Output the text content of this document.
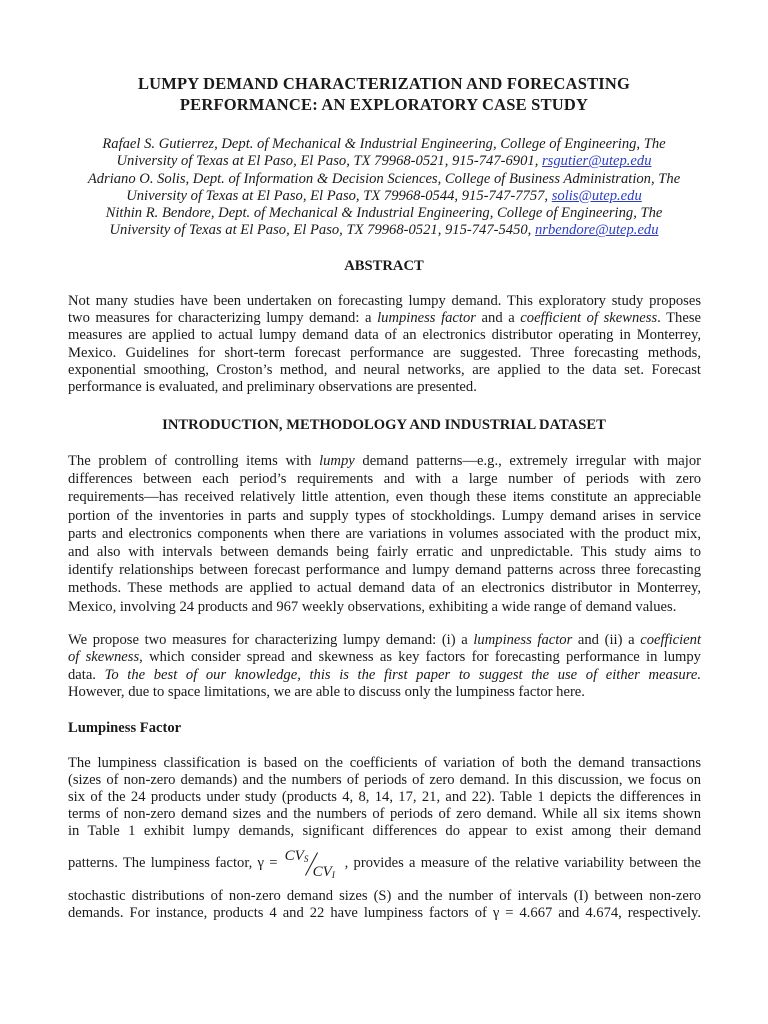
LUMPY DEMAND CHARACTERIZATION AND FORECASTING
PERFORMANCE: AN EXPLORATORY CASE STUDY
Rafael S. Gutierrez, Dept. of Mechanical & Industrial Engineering, College of Engineering, The
University of Texas at El Paso, El Paso, TX 79968-0521, 915-747-6901, rsgutier@utep.edu
Adriano O. Solis, Dept. of Information & Decision Sciences, College of Business Administration, The
University of Texas at El Paso, El Paso, TX 79968-0544, 915-747-7757, solis@utep.edu
Nithin R. Bendore, Dept. of Mechanical & Industrial Engineering, College of Engineering, The
University of Texas at El Paso, El Paso, TX 79968-0521, 915-747-5450, nrbendore@utep.edu
ABSTRACT
Not many studies have been undertaken on forecasting lumpy demand. This exploratory study proposes
two measures for characterizing lumpy demand: a lumpiness factor and a coefficient of skewness. These
measures are applied to actual lumpy demand data of an electronics distributor operating in Monterrey,
Mexico. Guidelines for short-term forecast performance are suggested. Three forecasting methods,
exponential smoothing, Croston’s method, and neural networks, are applied to the data set. Forecast
performance is evaluated, and preliminary observations are presented.
INTRODUCTION, METHODOLOGY AND INDUSTRIAL DATASET
The problem of controlling items with lumpy demand patterns—e.g., extremely irregular with major
differences between each period’s requirements and with a large number of periods with zero
requirements—has received relatively little attention, even though these items constitute an appreciable
portion of the inventories in parts and supply types of stockholdings. Lumpy demand arises in service
parts and electronics components when there are variations in volumes associated with the product mix,
and also with intervals between demands being fairly erratic and unpredictable. This study aims to
identify relationships between forecast performance and lumpy demand patterns across three forecasting
methods. These methods are applied to actual demand data of an electronics distributor in Monterrey,
Mexico, involving 24 products and 967 weekly observations, exhibiting a wide range of demand values.
We propose two measures for characterizing lumpy demand: (i) a lumpiness factor and (ii) a coefficient
of skewness, which consider spread and skewness as key factors for forecasting performance in lumpy
data. To the best of our knowledge, this is the first paper to suggest the use of either measure.
However, due to space limitations, we are able to discuss only the lumpiness factor here.
Lumpiness Factor
The lumpiness classification is based on the coefficients of variation of both the demand transactions
(sizes of non-zero demands) and the numbers of periods of zero demand. In this discussion, we focus on
six of the 24 products under study (products 4, 8, 14, 17, 21, and 22). Table 1 depicts the differences in
terms of non-zero demand sizes and the numbers of periods of zero demand. While all six items shown
in Table 1 exhibit lumpy demands, significant differences do appear to exist among their demand
patterns. The lumpiness factor, $\gamma = CV_S$
$CV_I$
, provides a measure of the relative variability between the
stochastic distributions of non-zero demand sizes (S) and the number of intervals (I) between non-zero
demands. For instance, products 4 and 22 have lumpiness factors of γ = 4.667 and 4.674, respectively.
